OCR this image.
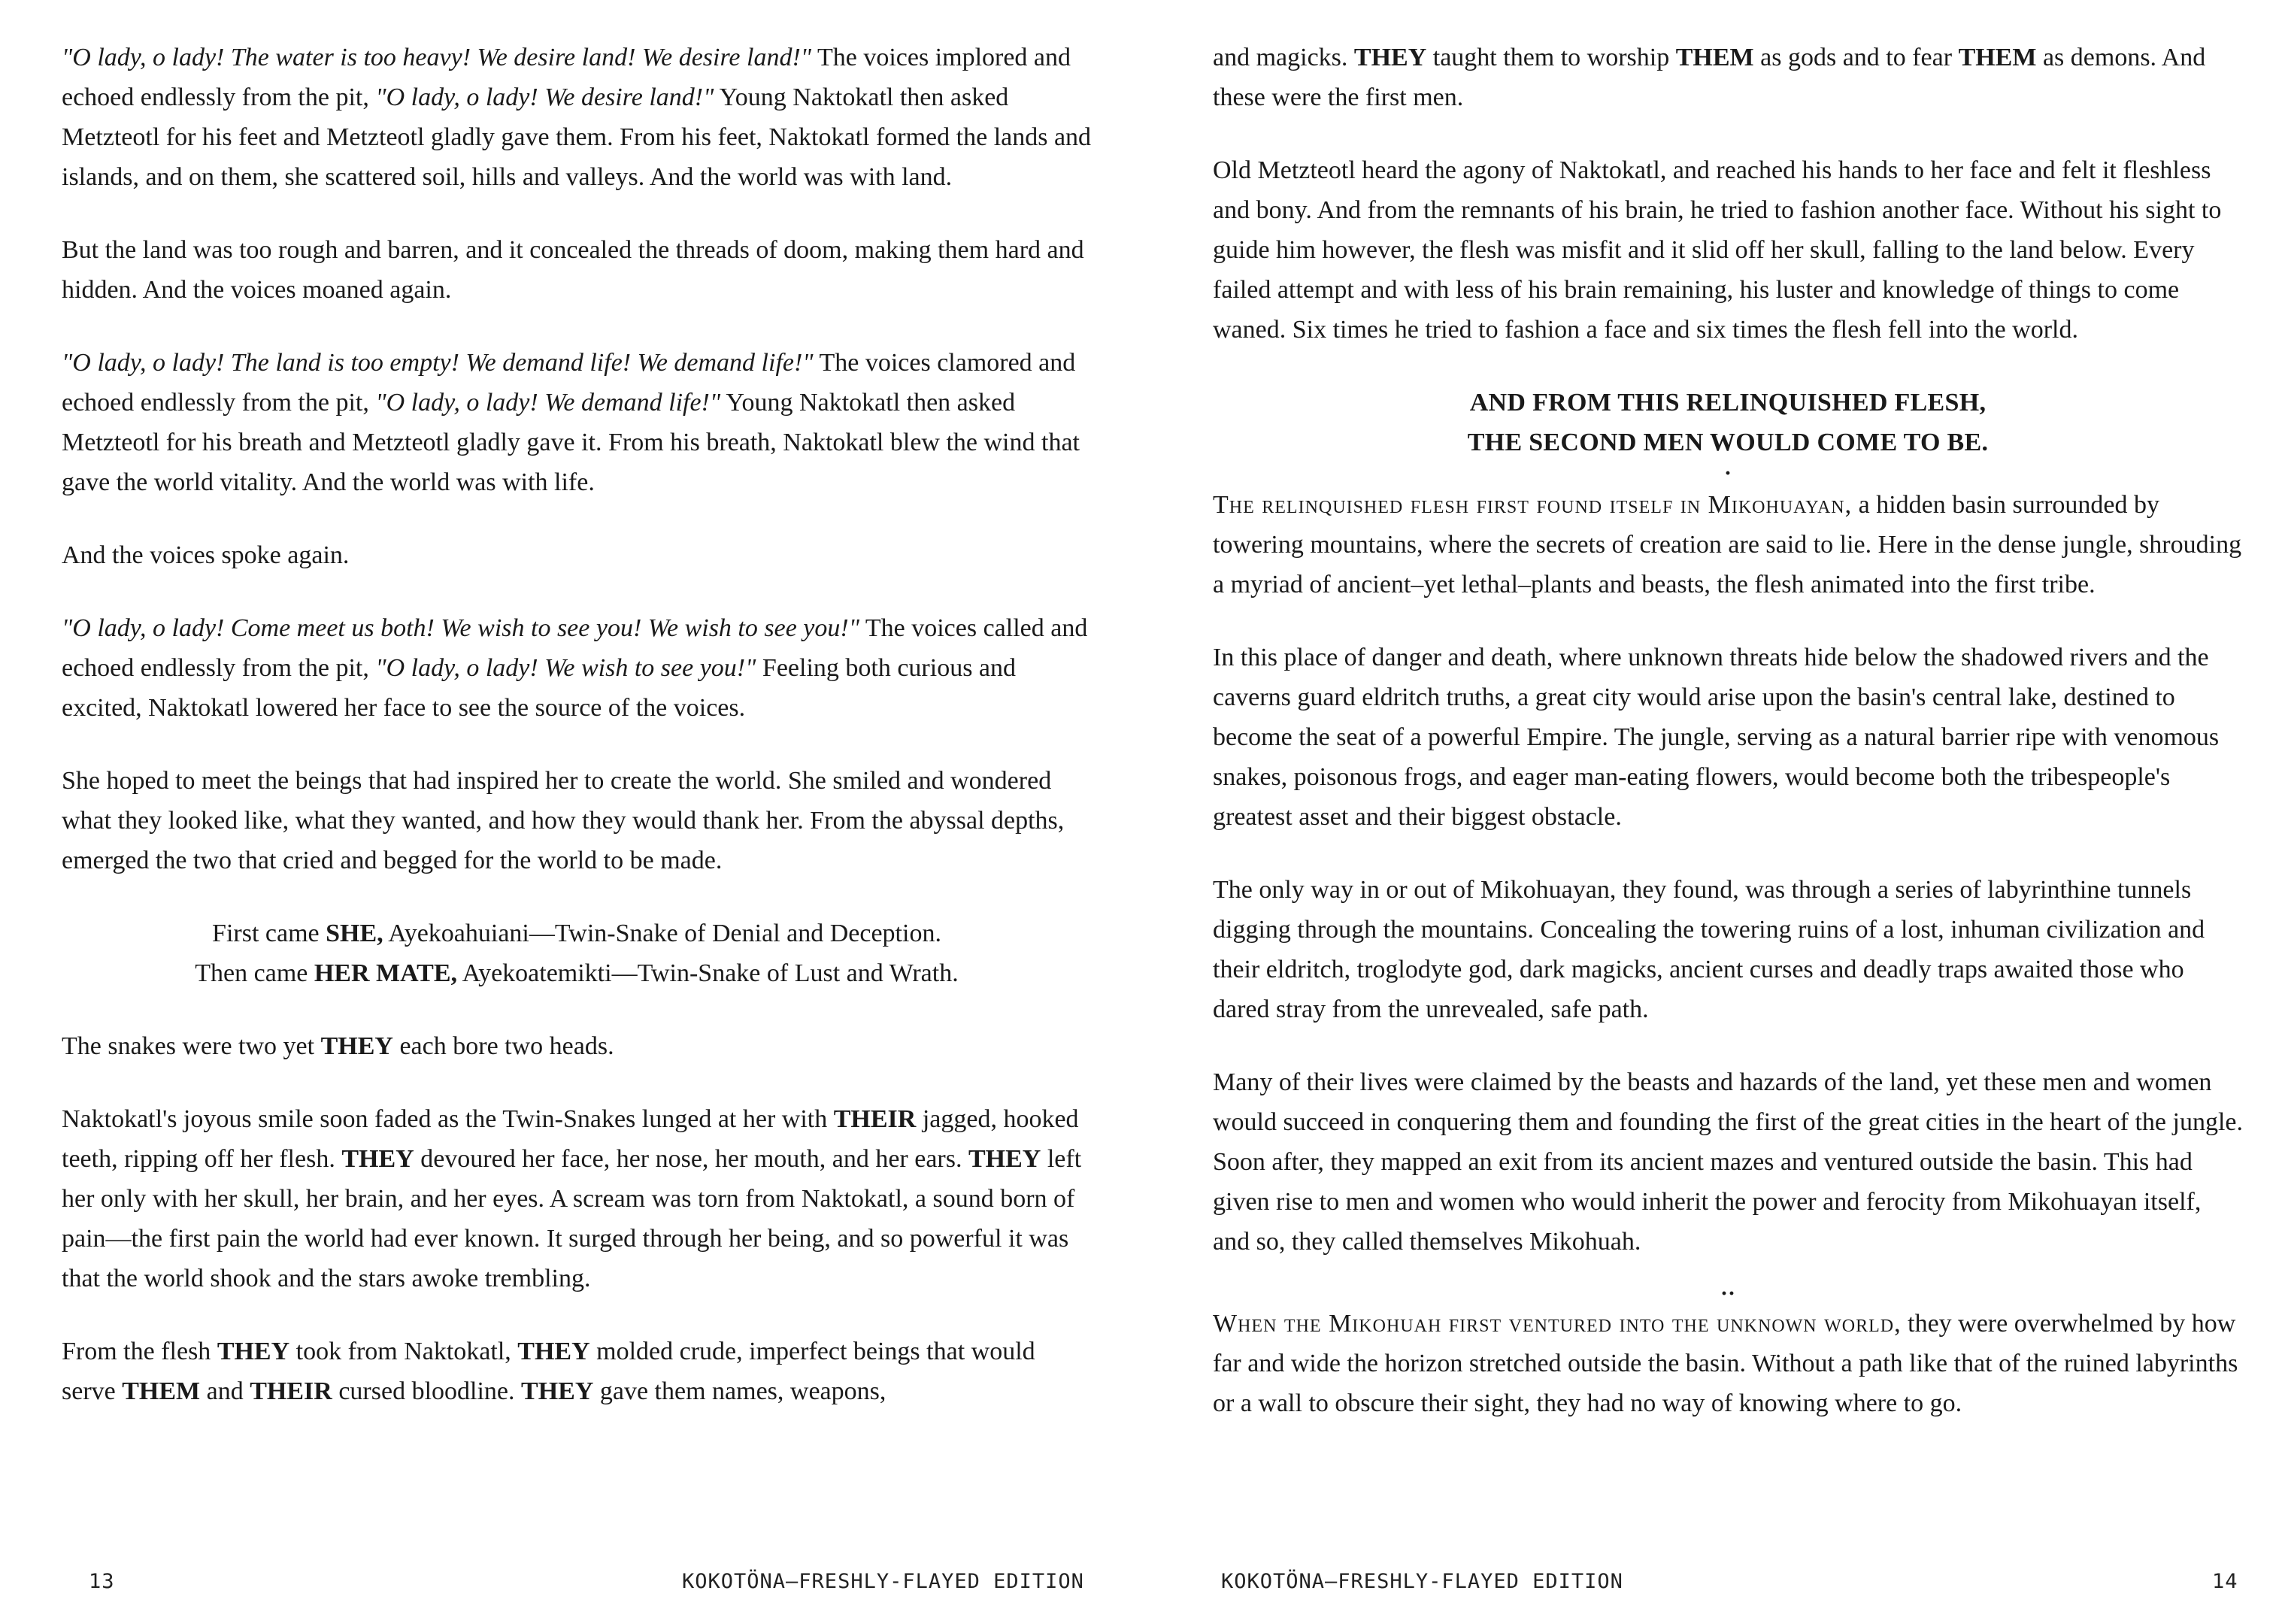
"O lady, o lady! The water is too heavy! We desire land! We desire land!" The voices implored and echoed endlessly from the pit, "O lady, o lady! We desire land!" Young Naktokatl then asked Metzteotl for his feet and Metzteotl gladly gave them. From his feet, Naktokatl formed the lands and islands, and on them, she scattered soil, hills and valleys. And the world was with land.

But the land was too rough and barren, and it concealed the threads of doom, making them hard and hidden. And the voices moaned again.

"O lady, o lady! The land is too empty! We demand life! We demand life!" The voices clamored and echoed endlessly from the pit, "O lady, o lady! We demand life!" Young Naktokatl then asked Metzteotl for his breath and Metzteotl gladly gave it. From his breath, Naktokatl blew the wind that gave the world vitality. And the world was with life.

And the voices spoke again.

"O lady, o lady! Come meet us both! We wish to see you! We wish to see you!" The voices called and echoed endlessly from the pit, "O lady, o lady! We wish to see you!" Feeling both curious and excited, Naktokatl lowered her face to see the source of the voices.

She hoped to meet the beings that had inspired her to create the world. She smiled and wondered what they looked like, what they wanted, and how they would thank her. From the abyssal depths, emerged the two that cried and begged for the world to be made.

First came SHE, Ayekoahuiani—Twin-Snake of Denial and Deception.
Then came HER MATE, Ayekoatemikti—Twin-Snake of Lust and Wrath.

The snakes were two yet THEY each bore two heads.

Naktokatl's joyous smile soon faded as the Twin-Snakes lunged at her with THEIR jagged, hooked teeth, ripping off her flesh. THEY devoured her face, her nose, her mouth, and her ears. THEY left her only with her skull, her brain, and her eyes. A scream was torn from Naktokatl, a sound born of pain—the first pain the world had ever known. It surged through her being, and so powerful it was that the world shook and the stars awoke trembling.

From the flesh THEY took from Naktokatl, THEY molded crude, imperfect beings that would serve THEM and THEIR cursed bloodline. THEY gave them names, weapons,

13	KOKOTÖNA—FRESHLY-FLAYED EDITION

and magicks. THEY taught them to worship THEM as gods and to fear THEM as demons. And these were the first men.

Old Metzteotl heard the agony of Naktokatl, and reached his hands to her face and felt it fleshless and bony. And from the remnants of his brain, he tried to fashion another face. Without his sight to guide him however, the flesh was misfit and it slid off her skull, falling to the land below. Every failed attempt and with less of his brain remaining, his luster and knowledge of things to come waned. Six times he tried to fashion a face and six times the flesh fell into the world.

AND FROM THIS RELINQUISHED FLESH,
THE SECOND MEN WOULD COME TO BE.
·

The relinquished flesh first found itself in Mikohuayan, a hidden basin surrounded by towering mountains, where the secrets of creation are said to lie. Here in the dense jungle, shrouding a myriad of ancient–yet lethal–plants and beasts, the flesh animated into the first tribe.

In this place of danger and death, where unknown threats hide below the shadowed rivers and the caverns guard eldritch truths, a great city would arise upon the basin's central lake, destined to become the seat of a powerful Empire. The jungle, serving as a natural barrier ripe with venomous snakes, poisonous frogs, and eager man-eating flowers, would become both the tribespeople's greatest asset and their biggest obstacle.

The only way in or out of Mikohuayan, they found, was through a series of labyrinthine tunnels digging through the mountains. Concealing the towering ruins of a lost, inhuman civilization and their eldritch, troglodyte god, dark magicks, ancient curses and deadly traps awaited those who dared stray from the unrevealed, safe path.

Many of their lives were claimed by the beasts and hazards of the land, yet these men and women would succeed in conquering them and founding the first of the great cities in the heart of the jungle. Soon after, they mapped an exit from its ancient mazes and ventured outside the basin. This had given rise to men and women who would inherit the power and ferocity from Mikohuayan itself, and so, they called themselves Mikohuah.

··

When the Mikohuah first ventured into the unknown world, they were overwhelmed by how far and wide the horizon stretched outside the basin. Without a path like that of the ruined labyrinths or a wall to obscure their sight, they had no way of knowing where to go.

KOKOTÖNA—FRESHLY-FLAYED EDITION	14
